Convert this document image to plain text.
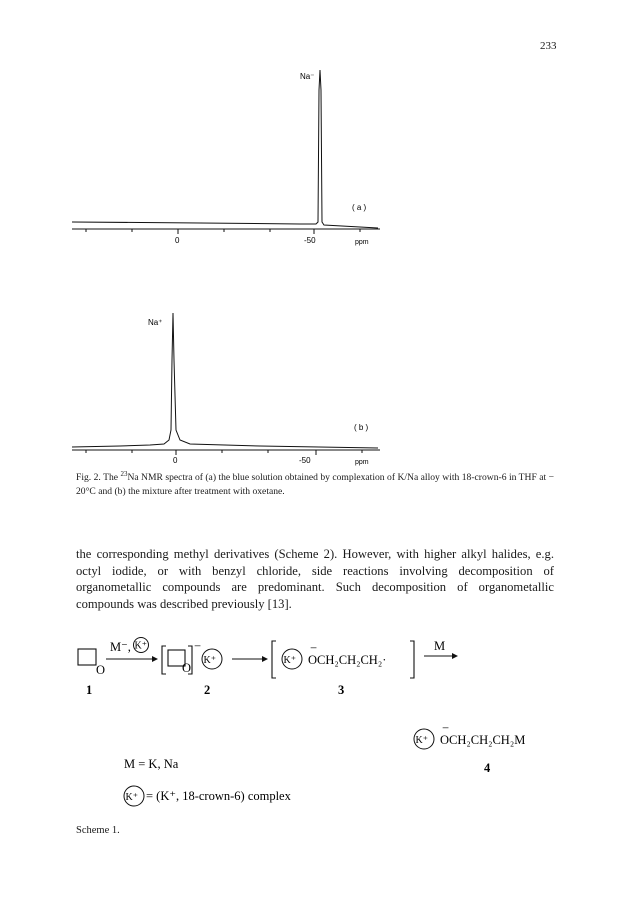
233
Na⁻
( a )
0	-50	ppm
Na⁺
( b )
0	-50	ppm
Fig. 2. The $^{23}$Na NMR spectra of (a) the blue solution obtained by complexation of K/Na alloy with 18-crown-6 in THF at − 20°C and (b) the mixture after treatment with oxetane.
the corresponding methyl derivatives (Scheme 2). However, with higher alkyl halides, e.g. octyl iodide, or with benzyl chloride, side reactions involving decomposition of organometallic compounds are predominant. Such decomposition of organometallic compounds was described previously [13].
O
M⁻, K⁺
O
−
K⁺	K⁺
−
OCH₂CH₂CH₂·
M
1	2	3
K⁺
−
OCH₂CH₂CH₂M
4
M = K, Na
K⁺ = (K⁺, 18-crown-6) complex
Scheme 1.
